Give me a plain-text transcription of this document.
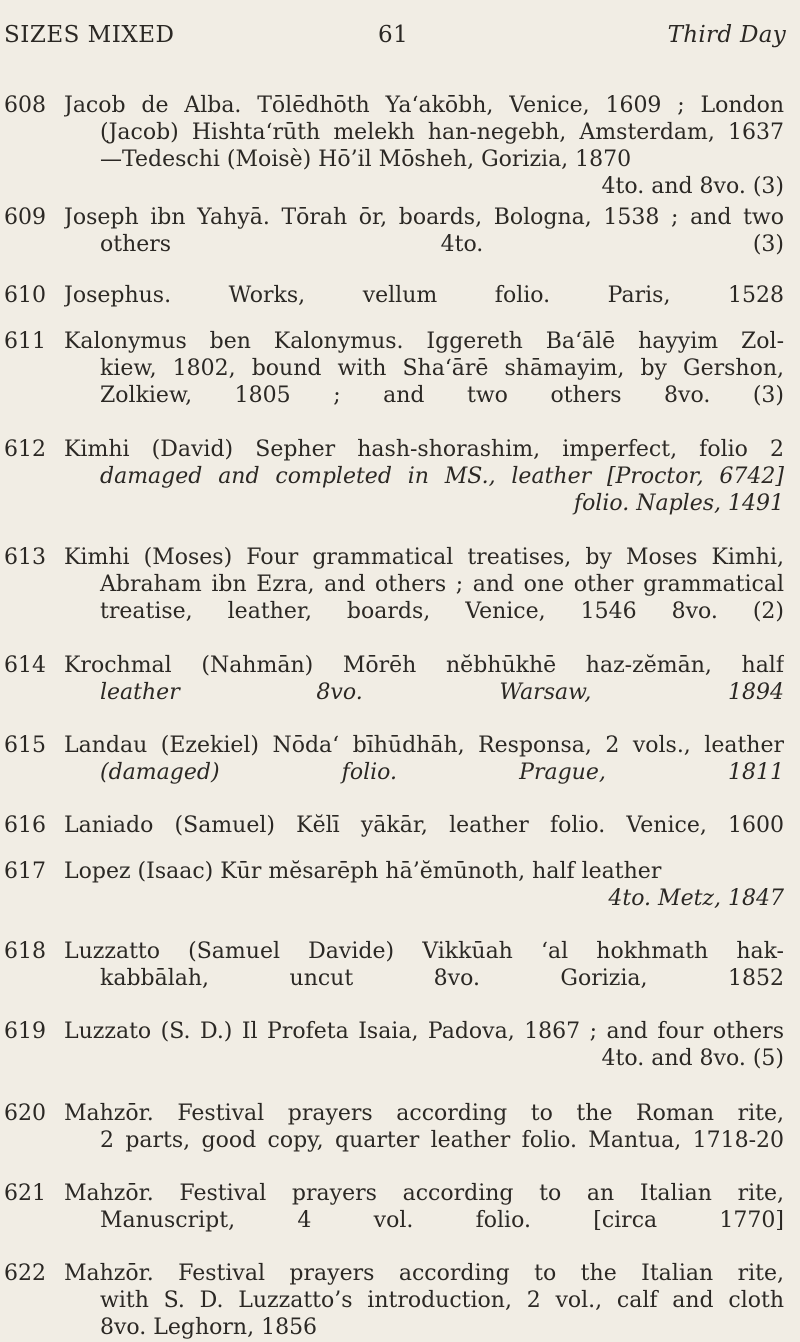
SIZES MIXED	61	Third Day
608 Jacob de Alba. Tōlēdhōth Ya‘akōbh, Venice, 1609 ; London
(Jacob) Hishta‘rūth melekh han-negebh, Amsterdam, 1637
—Tedeschi (Moisè) Hō’il Mōsheh, Gorizia, 1870
4to. and 8vo. (3)
609 Joseph ibn Yahyā. Tōrah ōr, boards, Bologna, 1538 ; and two
others 4to. (3)
610 Josephus. Works, vellum folio. Paris, 1528
611 Kalonymus ben Kalonymus. Iggereth Ba‘ālē hayyim Zol-
kiew, 1802, bound with Sha‘ārē shāmayim, by Gershon,
Zolkiew, 1805 ; and two others 8vo. (3)
612 Kimhi (David) Sepher hash-shorashim, imperfect, folio 2
damaged and completed in MS., leather [Proctor, 6742]
folio. Naples, 1491
613 Kimhi (Moses) Four grammatical treatises, by Moses Kimhi,
Abraham ibn Ezra, and others ; and one other grammatical
treatise, leather, boards, Venice, 1546 8vo. (2)
614 Krochmal (Nahmān) Mōrēh nĕbhūkhē haz-zĕmān, half
leather 8vo. Warsaw, 1894
615 Landau (Ezekiel) Nōda‘ bīhūdhāh, Responsa, 2 vols., leather
(damaged) folio. Prague, 1811
616 Laniado (Samuel) Kĕlī yākār, leather folio. Venice, 1600
617 Lopez (Isaac) Kūr mĕsarēph hā’ĕmūnoth, half leather
4to. Metz, 1847
618 Luzzatto (Samuel Davide) Vikkūah ‘al hokhmath hak-
kabbālah, uncut 8vo. Gorizia, 1852
619 Luzzato (S. D.) Il Profeta Isaia, Padova, 1867 ; and four others
4to. and 8vo. (5)
620 Mahzōr. Festival prayers according to the Roman rite,
2 parts, good copy, quarter leather folio. Mantua, 1718-20
621 Mahzōr. Festival prayers according to an Italian rite,
Manuscript, 4 vol. folio. [circa 1770]
622 Mahzōr. Festival prayers according to the Italian rite,
with S. D. Luzzatto’s introduction, 2 vol., calf and cloth
8vo. Leghorn, 1856
